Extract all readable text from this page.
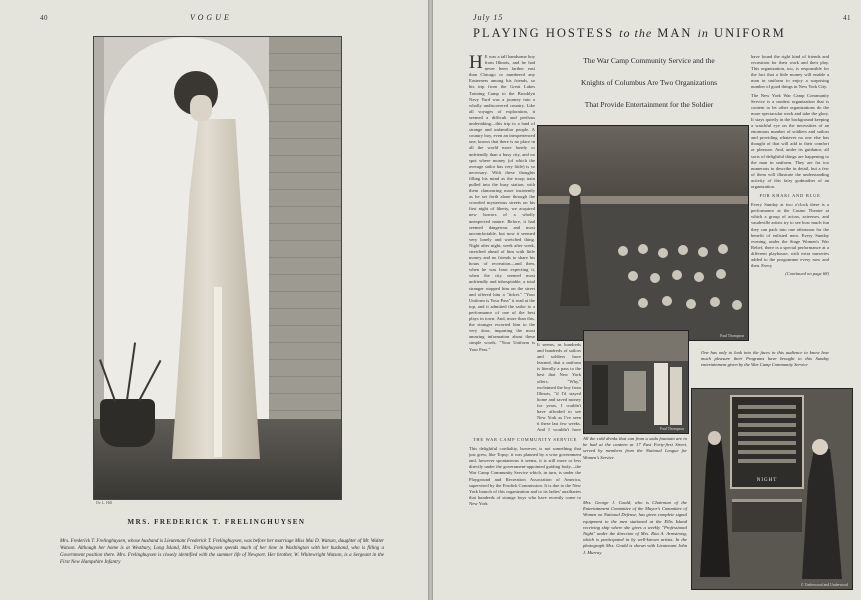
40	VOGUE
De L. Hill
MRS. FREDERICK T. FRELINGHUYSEN
Mrs. Frederick T. Frelinghuysen, whose husband is Lieutenant Frederick T. Frelinghuysen, was before her marriage Miss Mai D. Watson, daughter of Mr. Walter Watson. Although her home is at Westbury, Long Island, Mrs. Frelinghuysen spends much of her time in Washington with her husband, who is filling a Government position there. Mrs. Frelinghuysen is closely identified with the summer life of Newport. Her brother, W. Whitewright Watson, is a Sergeant in the First New Hampshire Infantry
July 15	41
PLAYING HOSTESS to the MAN in UNIFORM
The War Camp Community Service and the
Knights of Columbus Are Two Organizations
That Provide Entertainment for the Soldier
H E was a tall handsome boy from Illinois, and he had never been farther east than Chicago or numbered any Easterners among his friends, so his trip from the Great Lakes Training Camp to the Brooklyn Navy Yard was a journey into a wholly undiscovered country. Like all voyages of exploration, it seemed a difficult and perilous undertaking—this trip to a land of strange and unfamiliar people. A country boy, even an inexperienced one, knows that there is no place in all the world more lonely or unfriendly than a busy city, and no spot where money (of which the average sailor has very little) is so necessary. With these thoughts filling his mind as the troop train pulled into the busy station, with them clamouring more insistently as he set forth alone through the crowded mysterious streets on his first night of liberty, we acquired new horrors of a wholly unexpected nature. Before, it had seemed dangerous and most uncomfortable, but now it seemed very lonely and wretched thing. Night after night, week after week, stretched ahead of him with little money and no friends to share his hours of recreation—and then, when he was least expecting it, when the city seemed most unfriendly and inhospitable, a total stranger stopped him on the street and offered him a "ticket." "Your Uniform is Your Pass" it read at the top, and it admitted the sailor to a performance of one of the best plays in town. And, more than this, the stranger escorted him to the very door, imparting the most amazing information about these simple words, "Your Uniform is Your Pass."

Paul Thompson
Paul Thompson

It seems, as hundreds and hundreds of sailors and soldiers have learned, that a uniform is literally a pass to the best that New York offers. "Why," exclaimed the boy from Illinois, "if I'd stayed home and saved money for years, I couldn't have afforded to see New York as I've seen it these last few weeks. And I wouldn't have

THE WAR CAMP COMMUNITY SERVICE

This delightful cordiality, however, is not something that just grew, like Topsy; it was planned by a wise government and, however spontaneous it seems, it is still more or less directly under the government-appointed guiding body—the War Camp Community Service which, in turn, is under the Playground and Recreation Association of America, supervised by the Fosdick Commission. It is due to the New York branch of this organization and to its ladies' auxiliaries that hundreds of strange boys who have recently come to New York

All the cold drinks that can from a soda fountain are to be had at the canteen at 17 East Forty-first Street, served by members from the National League for Women's Service
Mrs. George J. Gould, who is Chairman of the Entertainment Committee of the Mayor's Committee of Women on National Defense, has given complete signal equipment to the men stationed at the Ellis Island receiving ship where she gives a weekly "Professional Night" under the direction of Mrs. Rita A. Armstrong, which is participated in by well-known artists. In the photograph Mrs. Gould is shown with Lieutenant John J. Murray

have found the right kind of friends and recreation for their work and their play. This organization, too, is responsible for the fact that a little money will enable a man in uniform to enjoy a surprising number of good things in New York City.

The New York War Camp Community Service is a modest organization that is content to let other organizations do the more spectacular work and take the glory. It stays quietly in the background keeping a watchful eye on the necessities of an enormous number of soldiers and sailors and providing whatever no one else has thought of that will add to their comfort or pleasure. And, under its guidance, all sorts of delightful things are happening to the man in uniform. They are far too numerous to describe in detail, but a few of them will illustrate the understanding activity of this fairy godmother of an organization.

FOR KHAKI AND BLUE

Every Sunday at two o'clock there is a performance at the Casino Theatre at which a group of actors, actresses, and vaudeville artists try to see how much fun they can pack into one afternoon for the benefit of enlisted men. Every Sunday evening, under the Stage Women's War Relief, there is a special performance at a different playhouse, with extra nurseries added to the programme every now and then. Every

(Continued on page 68)

One has only to look into the faces in this audience to know how much pleasure their Programs have brought to this Sunday entertainment given by the War Camp Community Service
NIGHT
© Underwood and Underwood
